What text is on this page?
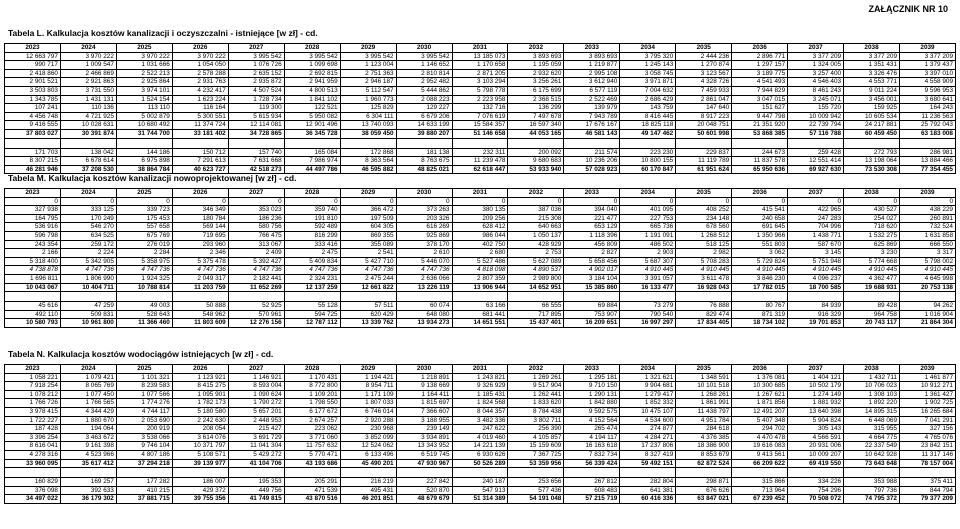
ZAŁĄCZNIK NR 10
Tabela L. Kalkulacja kosztów kanalizacji i oczyszczalni - istniejące [w zł] - cd.
2023	2024	2025	2026	2027	2028	2029	2030	2031	2032	2033	2034	2035	2036	2037	2038	2039
12 663 797	3 970 222	3 970 222	3 970 222	3 995 542	3 995 542	3 995 542	3 995 542	13 185 073	3 893 693	3 893 693	3 795 320	2 444 236	2 896 771	3 377 209	3 377 209	3 377 209
990 717	1 009 547	1 031 666	1 054 050	1 076 726	1 099 698	1 123 004	1 146 652	1 170 658	1 195 059	1 219 877	1 245 143	1 270 874	1 297 157	1 324 005	1 351 431	1 379 437
2 418 860	2 466 869	2 522 213	2 578 288	2 635 152	2 692 815	2 751 363	2 810 814	2 871 205	2 932 620	2 995 108	3 058 745	3 123 567	3 189 775	3 257 400	3 326 476	3 397 010
2 901 521	2 921 863	2 925 864	2 931 763	2 935 872	2 941 959	2 946 187	2 952 482	3 103 294	3 256 261	3 612 940	3 971 871	4 328 726	4 541 493	4 546 403	4 553 771	4 558 909
3 503 803	3 731 550	3 974 101	4 232 417	4 507 524	4 800 513	5 112 547	5 444 862	5 798 778	6 175 699	6 577 119	7 004 632	7 459 933	7 944 829	8 461 243	9 011 224	9 596 953
1 343 785	1 431 131	1 524 154	1 623 224	1 728 734	1 841 102	1 960 773	2 088 223	2 223 958	2 368 515	2 522 469	2 686 429	2 861 047	3 047 015	3 245 071	3 456 001	3 680 641
107 241	110 136	113 110	116 164	119 300	122 521	125 829	129 227	132 716	136 299	139 979	143 759	147 640	151 627	155 720	159 925	164 243
4 456 748	4 721 925	5 002 879	5 300 551	5 615 934	5 950 082	6 304 111	6 679 206	7 076 619	7 497 678	7 943 789	8 416 445	8 917 223	9 447 798	10 009 942	10 605 534	11 236 563
9 416 555	10 028 631	10 680 492	11 374 724	12 114 081	12 901 496	13 740 093	14 633 199	15 584 357	16 597 340	17 676 167	18 825 118	20 048 751	21 351 920	22 739 794	24 217 881	25 792 043
37 803 027	30 391 874	31 744 700	33 181 402	34 728 865	36 345 728	38 059 450	39 880 207	51 146 658	44 053 165	46 581 143	49 147 462	50 601 998	53 868 385	57 116 788	60 459 450	63 183 008

171 703	138 042	144 186	150 712	157 740	165 084	172 868	181 138	232 311	200 092	211 574	223 230	229 837	244 673	259 428	272 793	286 981
8 307 215	6 678 614	6 975 898	7 291 613	7 631 668	7 986 974	8 363 564	8 763 675	11 239 478	9 680 683	10 236 206	10 800 155	11 119 789	11 837 578	12 551 414	13 198 064	13 884 466
46 281 946	37 208 530	38 864 784	40 623 727	42 518 273	44 497 786	46 595 882	48 825 021	62 618 447	53 933 940	57 028 923	60 170 847	61 951 624	65 950 636	69 927 630	73 530 308	77 354 455
Tabela M. Kalkulacja kosztów kanalizacji nowoprojektowanej [w zł] - cd.
2023	2024	2025	2026	2027	2028	2029	2030	2031	2032	2033	2034	2035	2036	2037	2038	2039
0	0	0	0	0	0	0	0	0	0	0	0	0	0	0	0	0
327 938	333 125	339 723	346 349	353 023	359 740	366 472	373 263	380 135	387 036	394 040	401 095	408 252	415 541	422 965	430 527	438 229
164 795	170 249	175 453	180 784	186 236	191 810	197 509	203 326	209 256	215 308	221 477	227 753	234 148	240 658	247 283	254 027	260 891
536 916	546 270	557 658	569 144	580 756	592 489	604 305	616 269	628 412	640 663	653 129	665 736	678 560	691 645	704 996	718 620	732 524
596 798	634 525	675 769	719 695	766 475	816 299	869 355	925 869	986 044	1 050 137	1 118 396	1 191 091	1 268 512	1 350 966	1 438 771	1 532 275	1 631 858
243 354	259 172	276 019	293 960	313 067	333 416	355 089	378 170	402 750	428 929	456 809	486 502	518 125	551 803	587 670	625 869	666 550
2 166	2 224	2 284	2 346	2 409	2 475	2 541	2 610	2 680	2 753	2 827	2 903	2 982	3 062	3 145	3 230	3 317
5 318 400	5 342 905	5 358 975	5 375 478	5 392 427	5 409 834	5 427 710	5 446 070	5 527 486	5 627 089	5 658 456	5 687 307	5 708 283	5 729 824	5 751 948	5 774 668	5 798 002
4 738 878	4 747 736	4 747 736	4 747 736	4 747 736	4 747 736	4 747 736	4 747 736	4 818 098	4 890 537	4 902 017	4 910 445	4 910 445	4 910 445	4 910 445	4 910 445	4 910 445
1 696 811	1 806 990	1 924 325	2 049 317	2 182 441	2 324 231	2 475 244	2 636 066	2 807 359	2 989 800	3 184 104	3 391 057	3 611 478	3 846 230	4 096 237	4 362 477	4 645 998
10 043 067	10 404 711	10 788 814	11 203 759	11 652 269	12 137 259	12 661 822	13 226 119	13 906 944	14 652 951	15 385 860	16 133 477	16 928 043	17 782 015	18 700 585	19 688 931	20 753 138

45 616	47 259	49 003	50 888	52 925	55 128	57 511	60 074	63 166	66 555	69 884	73 279	76 888	80 767	84 939	89 428	94 262
492 110	509 831	528 643	548 962	570 961	594 725	620 429	648 080	681 441	717 895	753 907	790 540	829 474	871 319	916 329	964 758	1 016 904
10 580 793	10 961 800	11 366 460	11 803 609	12 276 156	12 787 112	13 339 762	13 934 273	14 651 551	15 437 401	16 209 651	16 997 297	17 834 405	18 734 102	19 701 853	20 743 117	21 864 304
Tabela N. Kalkulacja kosztów wodociągów istniejących [w zł] - cd.
2023	2024	2025	2026	2027	2028	2029	2030	2031	2032	2033	2034	2035	2036	2037	2038	2039
1 058 221	1 079 421	1 101 321	1 123 921	1 146 921	1 170 431	1 194 421	1 218 891	1 243 821	1 269 261	1 295 181	1 321 621	1 348 591	1 376 081	1 404 121	1 432 711	1 461 877
7 918 254	8 065 769	8 239 583	8 415 275	8 593 004	8 772 800	8 954 711	9 138 669	9 326 929	9 517 904	9 710 150	9 904 681	10 101 518	10 300 685	10 502 179	10 706 023	10 912 271
1 078 212	1 077 450	1 077 566	1 095 901	1 090 624	1 109 201	1 171 109	1 164 411	1 185 431	1 262 441	1 290 131	1 279 417	1 268 261	1 267 621	1 274 149	1 308 103	1 361 427
1 766 726	1 766 565	1 774 276	1 782 173	1 790 272	1 798 550	1 807 033	1 815 697	1 824 568	1 833 620	1 842 880	1 852 332	1 861 991	1 871 856	1 881 932	1 892 220	1 902 725
3 978 415	4 344 429	4 744 117	5 180 580	5 657 201	6 177 672	6 746 014	7 366 607	8 044 357	8 784 438	9 592 575	10 475 107	11 438 797	12 491 207	13 640 398	14 895 315	16 265 684
1 722 227	1 880 670	2 053 690	2 242 630	2 448 953	2 674 257	2 920 288	3 188 955	3 482 336	3 802 711	4 152 564	4 534 600	4 951 784	5 407 348	5 904 824	6 448 069	7 041 291
187 428	194 064	200 919	208 054	215 427	223 062	230 968	239 149	247 622	256 390	265 474	274 877	284 618	294 702	305 143	315 955	327 156
3 396 254	3 463 672	3 538 066	3 614 076	3 691 729	3 771 060	3 852 099	3 934 891	4 019 460	4 105 857	4 194 117	4 284 271	4 376 385	4 470 478	4 566 591	4 664 775	4 765 076
8 616 041	9 161 398	9 746 104	10 371 797	11 041 304	11 757 632	12 524 062	13 343 952	14 221 139	15 159 609	16 163 618	17 237 806	18 386 900	19 616 083	20 931 006	22 337 549	23 842 151
4 278 316	4 523 966	4 807 186	5 108 571	5 429 272	5 770 471	6 133 496	6 519 745	6 930 626	7 367 725	7 832 734	8 327 419	8 853 679	9 413 561	10 009 207	10 642 928	11 317 146
33 960 095	35 617 412	37 294 218	39 139 977	41 104 706	43 193 686	45 490 201	47 930 967	50 526 289	53 359 956	56 339 424	59 492 151	62 872 524	66 209 622	69 419 550	73 643 648	78 157 004

160 829	169 257	177 282	186 007	195 353	205 291	216 219	227 842	240 187	253 656	267 812	282 804	298 871	315 866	334 226	353 988	375 411
376 098	392 633	410 215	429 372	449 756	471 539	495 431	520 870	547 913	577 436	608 483	641 381	676 626	713 964	754 296	797 736	844 794
34 497 022	36 179 302	37 881 715	39 755 356	41 749 815	43 870 516	46 201 851	48 679 679	51 314 389	54 191 048	57 215 719	60 416 336	63 847 021	67 239 452	70 508 072	74 795 372	79 377 209
